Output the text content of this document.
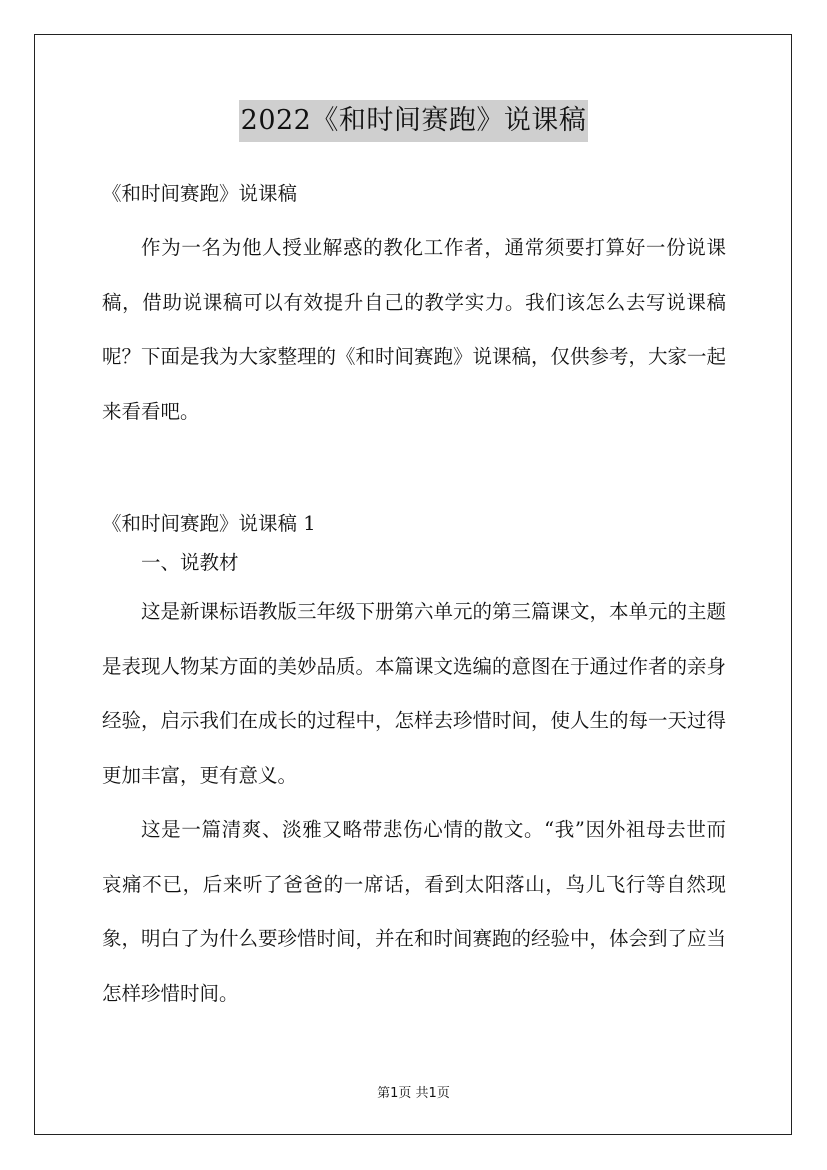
2022《和时间赛跑》说课稿

《和时间赛跑》说课稿

作为一名为他人授业解惑的教化工作者，通常须要打算好一份说课稿，借助说课稿可以有效提升自己的教学实力。我们该怎么去写说课稿呢？下面是我为大家整理的《和时间赛跑》说课稿，仅供参考，大家一起来看看吧。

《和时间赛跑》说课稿 1

一、说教材

这是新课标语教版三年级下册第六单元的第三篇课文，本单元的主题是表现人物某方面的美妙品质。本篇课文选编的意图在于通过作者的亲身经验，启示我们在成长的过程中，怎样去珍惜时间，使人生的每一天过得更加丰富，更有意义。

这是一篇清爽、淡雅又略带悲伤心情的散文。“我”因外祖母去世而哀痛不已，后来听了爸爸的一席话，看到太阳落山，鸟儿飞行等自然现象，明白了为什么要珍惜时间，并在和时间赛跑的经验中，体会到了应当怎样珍惜时间。

第1页 共1页
